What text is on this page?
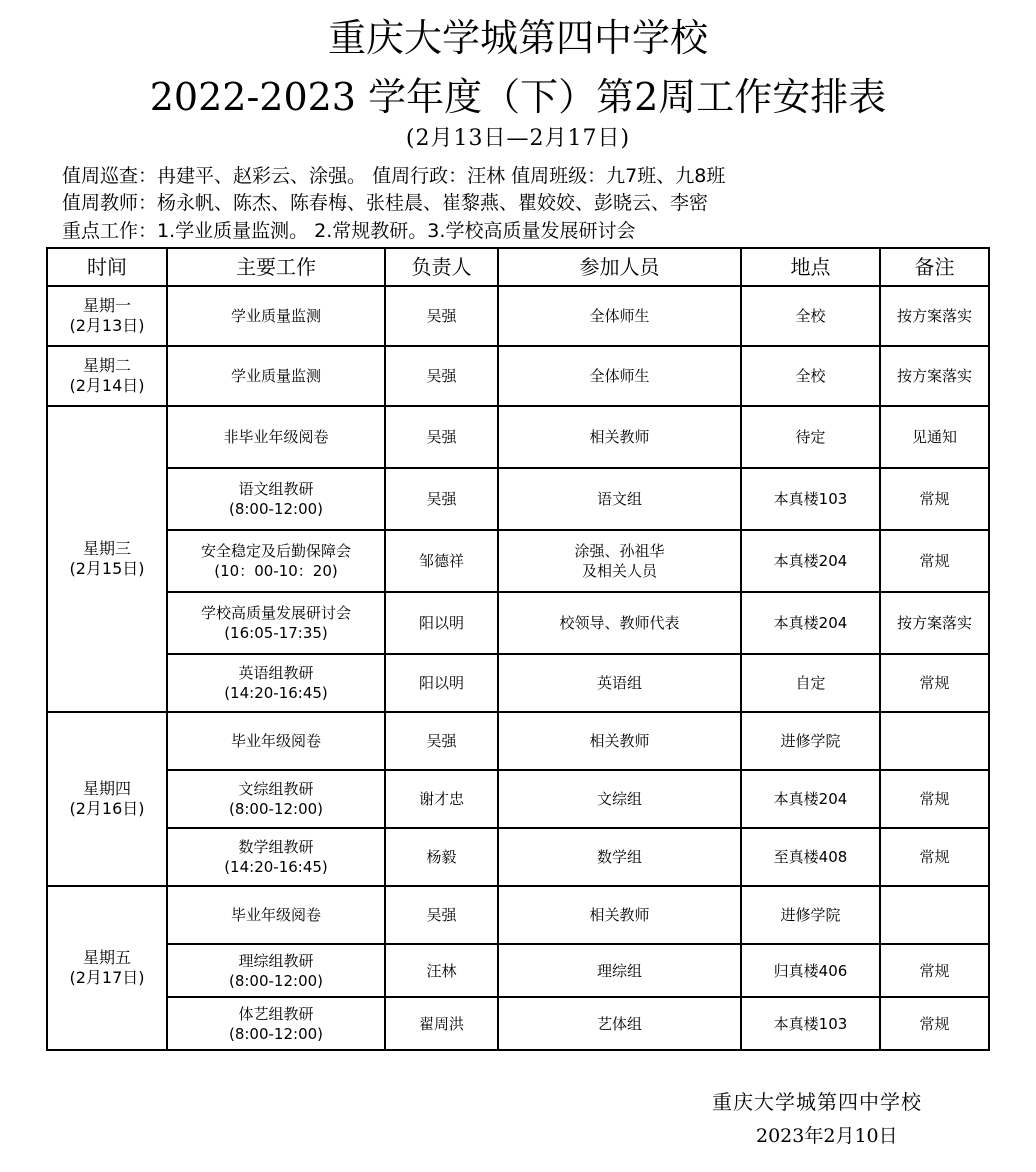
重庆大学城第四中学校
2022-2023 学年度（下）第2周工作安排表
(2月13日—2月17日)
值周巡查：冉建平、赵彩云、涂强。 值周行政：汪林 值周班级：九7班、九8班
值周教师：杨永帆、陈杰、陈春梅、张桂晨、崔黎燕、瞿姣姣、彭晓云、李密
重点工作：1.学业质量监测。 2.常规教研。3.学校高质量发展研讨会
时间	主要工作	负责人	参加人员	地点	备注

星期一
(2月13日)	学业质量监测	吴强	全体师生	全校	按方案落实

星期二
(2月14日)	学业质量监测	吴强	全体师生	全校	按方案落实

星期三
(2月15日)	非毕业年级阅卷	吴强	相关教师	待定	见通知

	语文组教研
(8:00-12:00)	吴强	语文组	本真楼103	常规

	安全稳定及后勤保障会
(10：00-10：20)	邹德祥	涂强、孙祖华
及相关人员	本真楼204	常规

	学校高质量发展研讨会
(16:05-17:35)	阳以明	校领导、教师代表	本真楼204	按方案落实

	英语组教研
(14:20-16:45)	阳以明	英语组	自定	常规

星期四
(2月16日)	毕业年级阅卷	吴强	相关教师	进修学院	

	文综组教研
(8:00-12:00)	谢才忠	文综组	本真楼204	常规

	数学组教研
(14:20-16:45)	杨毅	数学组	至真楼408	常规

星期五
(2月17日)	毕业年级阅卷	吴强	相关教师	进修学院	

	理综组教研
(8:00-12:00)	汪林	理综组	归真楼406	常规

	体艺组教研
(8:00-12:00)	翟周洪	艺体组	本真楼103	常规
重庆大学城第四中学校
2023年2月10日
